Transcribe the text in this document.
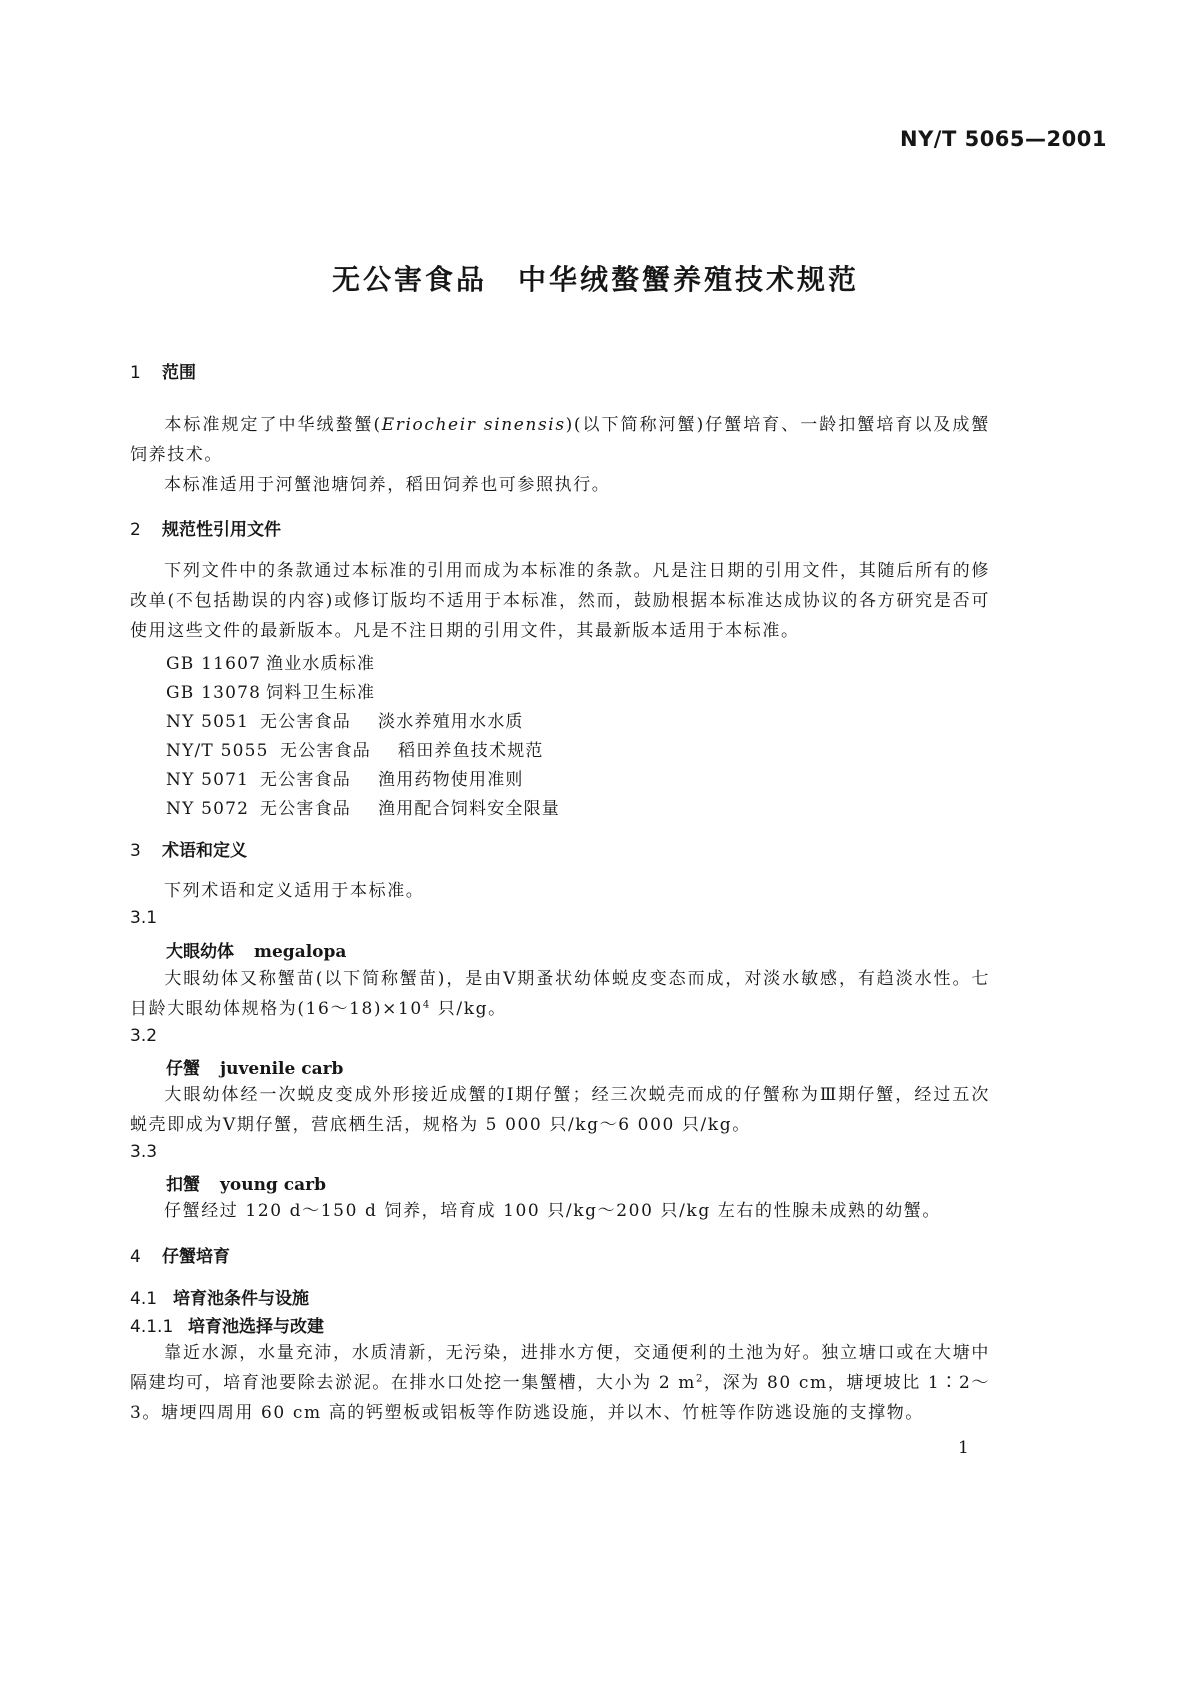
NY/T 5065—2001
无公害食品　中华绒螯蟹养殖技术规范
1 范围
本标准规定了中华绒螯蟹(Eriocheir sinensis)(以下简称河蟹)仔蟹培育、一龄扣蟹培育以及成蟹饲养技术。
本标准适用于河蟹池塘饲养，稻田饲养也可参照执行。
2 规范性引用文件
下列文件中的条款通过本标准的引用而成为本标准的条款。凡是注日期的引用文件，其随后所有的修改单(不包括勘误的内容)或修订版均不适用于本标准，然而，鼓励根据本标准达成协议的各方研究是否可使用这些文件的最新版本。凡是不注日期的引用文件，其最新版本适用于本标准。
GB 11607 渔业水质标准
GB 13078 饲料卫生标准
NY 5051 无公害食品 淡水养殖用水水质
NY/T 5055 无公害食品 稻田养鱼技术规范
NY 5071 无公害食品 渔用药物使用准则
NY 5072 无公害食品 渔用配合饲料安全限量
3 术语和定义
下列术语和定义适用于本标准。
3.1
大眼幼体 megalopa
大眼幼体又称蟹苗(以下简称蟹苗)，是由Ⅴ期蚤状幼体蜕皮变态而成，对淡水敏感，有趋淡水性。七日龄大眼幼体规格为$(16\sim 18)\times 10^4$ 只/kg。
3.2
仔蟹 juvenile carb
大眼幼体经一次蜕皮变成外形接近成蟹的Ⅰ期仔蟹；经三次蜕壳而成的仔蟹称为Ⅲ期仔蟹，经过五次蜕壳即成为Ⅴ期仔蟹，营底栖生活，规格为 5 000 只/kg～6 000 只/kg。
3.3
扣蟹 young carb
仔蟹经过 120 d～150 d 饲养，培育成 100 只/kg～200 只/kg 左右的性腺未成熟的幼蟹。
4 仔蟹培育
4.1 培育池条件与设施
4.1.1 培育池选择与改建
靠近水源，水量充沛，水质清新，无污染，进排水方便，交通便利的土池为好。独立塘口或在大塘中隔建均可，培育池要除去淤泥。在排水口处挖一集蟹槽，大小为 2 $m^2$，深为 80 cm，塘埂坡比 1∶2～3。塘埂四周用 60 cm 高的钙塑板或铝板等作防逃设施，并以木、竹桩等作防逃设施的支撑物。
1
